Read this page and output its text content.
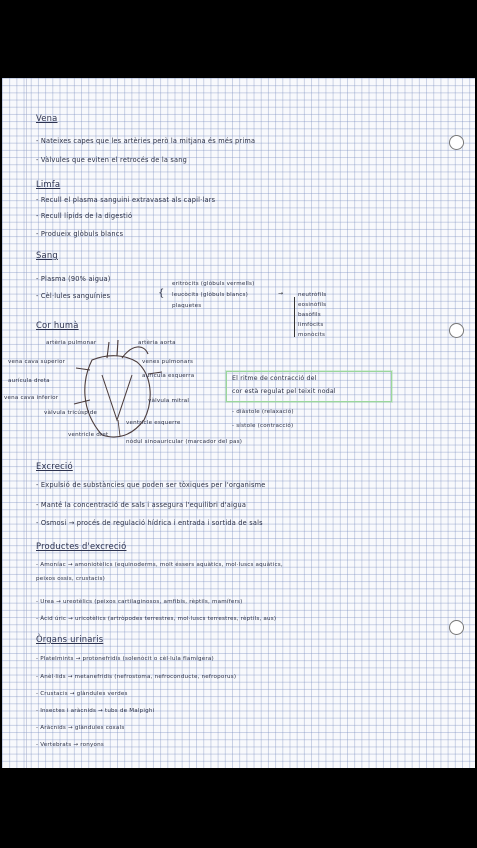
Vena
- Nateixes capes que les artèries però la mitjana és més prima
- Vàlvules que eviten el retrocés de la sang
Limfa
- Recull el plasma sanguini extravasat als capil·lars
- Recull lípids de la digestió
- Produeix glòbuls blancs
Sang
- Plasma (90% aigua)
- Cèl·lules sanguínies	{
eritròcits (glòbuls vermells)
leucòcits (glòbuls blancs)
plaquetes
→	neutròfils
eosinòfils
basòfils
limfòcits
monòcits
Cor humà
artèria pulmonar
vena cava superior
aurícula dreta
vena cava inferior
vàlvula tricúspide
ventricle dret
artèria aorta
venes pulmonars
aurícula esquerra
vàlvula mitral
ventricle esquerre
nòdul sinoauricular (marcador del pas)
El ritme de contracció del
cor està regulat pel teixit nodal
- diàstole (relaxació)
- sístole (contracció)
Excreció
- Expulsió de substàncies que poden ser tòxiques per l'organisme
- Manté la concentració de sals i assegura l'equilibri d'aigua
- Osmosi → procés de regulació hídrica i entrada i sortida de sals
Productes d'excreció
- Amoníac → amoniotèlics (equinoderms, molt éssers aquàtics, mol·luscs aquàtics,
peixos ossis, crustacis)
- Urea → ureotèlics (peixos cartilaginosos, amfibis, rèptils, mamífers)
- Àcid úric → uricotèlics (artròpodes terrestres, mol·luscs terrestres, rèptils, aus)
Òrgans urinaris
- Platelmints → protonefridis (solenòcit o cèl·lula flamígera)
- Anèl·lids → metanefridis (nefrostoma, nefroconducte, nefroporus)
- Crustacis → glàndules verdes
- Insectes i aràcnids → tubs de Malpighi
- Aràcnids → glàndules coxals
- Vertebrats → ronyons
